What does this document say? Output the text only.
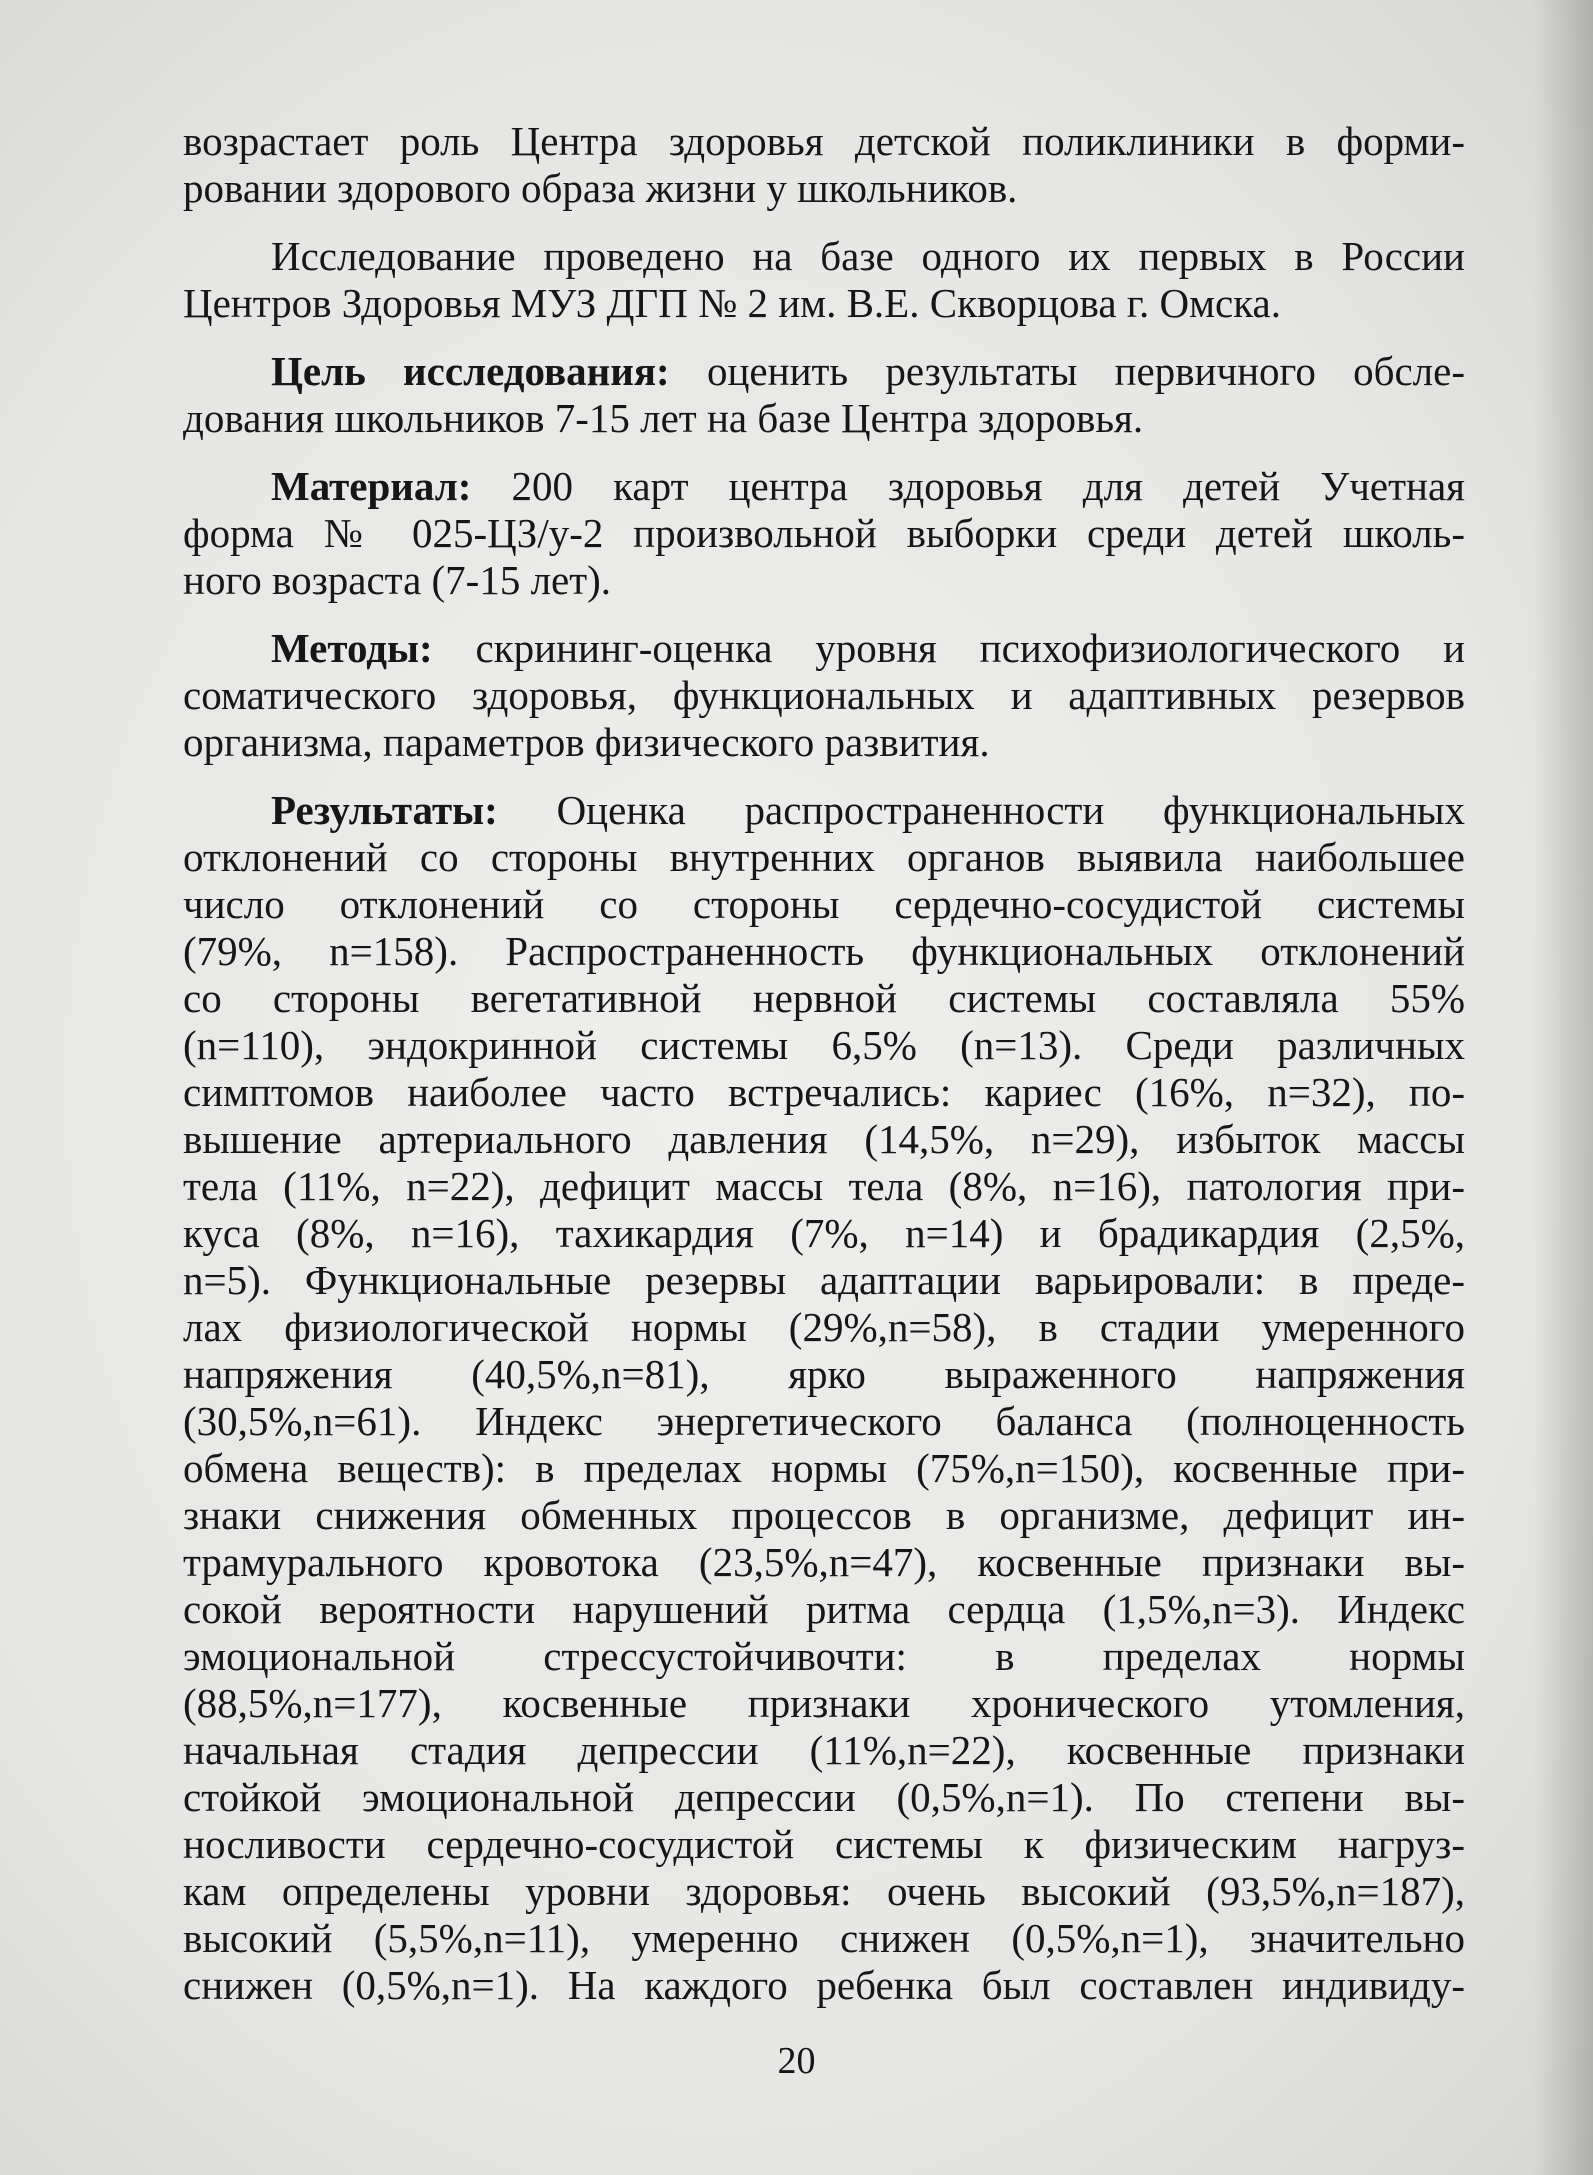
возрастает роль Центра здоровья детской поликлиники в форми-
ровании здорового образа жизни у школьников.
Исследование проведено на базе одного их первых в России
Центров Здоровья МУЗ ДГП № 2 им. В.Е. Скворцова г. Омска.
Цель исследования: оценить результаты первичного обсле-
дования школьников 7-15 лет на базе Центра здоровья.
Материал: 200 карт центра здоровья для детей Учетная
форма № 025-ЦЗ/у-2 произвольной выборки среди детей школь-
ного возраста (7-15 лет).
Методы: скрининг-оценка уровня психофизиологического и
соматического здоровья, функциональных и адаптивных резервов
организма, параметров физического развития.
Результаты: Оценка распространенности функциональных
отклонений со стороны внутренних органов выявила наибольшее
число отклонений со стороны сердечно-сосудистой системы
(79%, n=158). Распространенность функциональных отклонений
со стороны вегетативной нервной системы составляла 55%
(n=110), эндокринной системы 6,5% (n=13). Среди различных
симптомов наиболее часто встречались: кариес (16%, n=32), по-
вышение артериального давления (14,5%, n=29), избыток массы
тела (11%, n=22), дефицит массы тела (8%, n=16), патология при-
куса (8%, n=16), тахикардия (7%, n=14) и брадикардия (2,5%,
n=5). Функциональные резервы адаптации варьировали: в преде-
лах физиологической нормы (29%,n=58), в стадии умеренного
напряжения (40,5%,n=81), ярко выраженного напряжения
(30,5%,n=61). Индекс энергетического баланса (полноценность
обмена веществ): в пределах нормы (75%,n=150), косвенные при-
знаки снижения обменных процессов в организме, дефицит ин-
трамурального кровотока (23,5%,n=47), косвенные признаки вы-
сокой вероятности нарушений ритма сердца (1,5%,n=3). Индекс
эмоциональной стрессустойчивочти: в пределах нормы
(88,5%,n=177), косвенные признаки хронического утомления,
начальная стадия депрессии (11%,n=22), косвенные признаки
стойкой эмоциональной депрессии (0,5%,n=1). По степени вы-
носливости сердечно-сосудистой системы к физическим нагруз-
кам определены уровни здоровья: очень высокий (93,5%,n=187),
высокий (5,5%,n=11), умеренно снижен (0,5%,n=1), значительно
снижен (0,5%,n=1). На каждого ребенка был составлен индивиду-
20
